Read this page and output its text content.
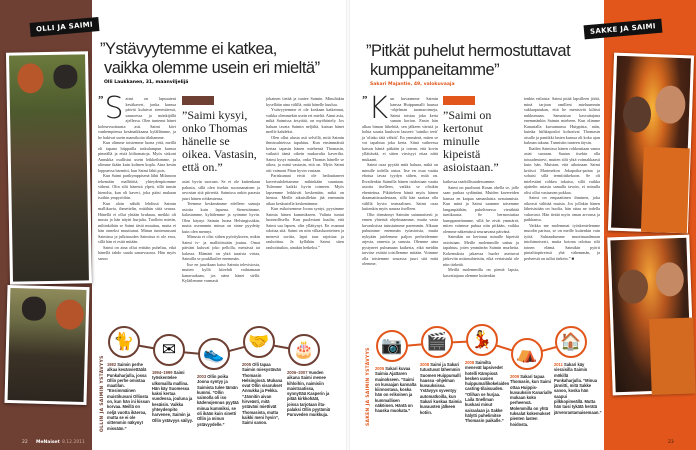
OLLI JA SAIMI
”Ystävyytemme ei katkea,
vaikka olemme usein eri mieltä”
Olli Laukkanen, 31, maanviljelijä
” S aimi on lapsuuteni kesäkaveri, jonka kanssa päivät kuluivat sienestäessä, saunoessa ja mönkijällä ajellessa. Olen tuntenut hänet kolmevuotiaasta asti. Saimi kävi vanhempiensa kesänaikkaana kylällämme, ja he hakivat usein mansikoita tilaltamme.

Kun olimme toistemme luona yötä, meillä oli tapana hiippailla taskulampun kanssa pimeällä ja etsiä kiiltomatoja. Myös siskoni Annukka osallistui usein leikkeihimme, ja olimme ikään kuin kolmen kopla. Aina kesän loppuessa harmitti, kun Saimi lähti pois.

Kun Saimi parikymppisenä lähti Milanoon tekemään mallitöitä, yhteydenpitomme väheni. Olin silti hänestä ylpeä, sillä tunsin hienolta, kun oli kaveri, joka pääsi mukaan isoihin ympyröihin.

Kun aloin nähdä lehdissä Saimin mallikuvia, ihmettelin, mitähän siitä seuraa. Hänellä ei ollut yhtään bruknaa, meikki oli musta ja hän näytti hurjalta. Tuolloin mietin, mihinköhän se Saimi tästä muuttuu, mutta ei hän onneksi muuttunut. Minun tuntemassani Saimissa ja julkisuuden Saimissa ei ole eroa, sillä hän ei esitä mitään.

Saimi on aina ollut erittäin puhelias, eikä hänellä tahdo saada sanarvuoroa. Hän myös sanoo

”Saimi kysyi, onko Thomas hänelle se oikea. Vastasin, että on.”

asiat hyvin suoraan. Se ei ole kuitenkaan pahasta, sillä olen itsekin suorasanainen ja arvostan sitä piirrettä. Saimissa onkin parasta juuri hänen rohkeutensa.

Teemme keskenämme edelleen samoja asioita kuin lapsena. Sienestämme, kalastamme, kyläilemme ja syömme hyvin. Olen käynyt Saimin luona Helsingissäkin, mutta useammin minua on sinne pyydetty kuin olen mennyt.

Minusta ei olisi siihen pyöritykseen, mikin Saimi tv- ja mallitöissään joutuu. Omat päiväni kuluvat joko pellolla, metsässä tai kalassa. Elämäni on yhtä tasaista virtaa, Saimilla se pouklkoilee enemmän.

Itse en juurikaan katso Saimia televisiosta, mutten kyllä kiirehdi vaihtamaan kanavaakaan, jos näen hänet siellä. Kyläilemme varmasti

jokainen tietää ja tuntee Saimin. Minultakin kysellään aina välillä, mitä hänelle kuuluu.

Ystävyytemme ei ole koskaan katkennut, vaikka olemmekin usein eri mieltä. Ainut asia, mikä Saimissa ärsyttää, on myöhästely. Jos haluan tavata Saimin neljältä, kutsun hänet meille kahdeksi.

Olen ollut alusta asti selvillä, mitä Saimin ihmissuhteissa tapahtuu. Kun ensimmäistä kertaa tapasin hänen miehensä Thomasin, vaikutti tämä oikein mukavalta kaverilta. Saimi kysyi minulta, onko Thomas hänelle se oikea, ja minä vastasin, että on. Myös Saimi otti vaimoni Piian hyvin vastaan.

Pariskunnat eivät ole heilauttaneet kaverisuhdettamme mihinkään suuntaan. Tulemme kaikki hyvin toimeen. Myös lapsemme leikkivät keskenään, mikä on hienoa. Meille aikuisillekin jää enemmän aikaa keskustella keskenämme.

Kun esikoisemme Joona syntyi, pyysimme Saimia hänen kummikseen. Valinta tuntui luonnollisella. Kun puolestani kuulin, että Saimi saa lapsen, olin yllättynyt. En osannut odottaa sitä. Saimi on niin vilkasluonteinen ja menevä sorttia, lapsi taas rajoittaa ja rauhoittaa. Ja kyllähän Saimi siten rauhoittuikin, ainakin hetkeksi.”

OLLIN JA SAIMIN YSTÄVYYS
🐈
1982 Saimin perhe alkaa kesänviettäälä Punkaharjulla, jossa Ollin perhe omistaa maatilan. ”Ensimmäinen muistikuvani Olliosta on, kun hän ini kissan korvaa. Meillä on neljä vuotta ikäeroa, mutta se ei ole sittemmin näkynyt missään.”
✉
1994–1999 Saimi työskentelee ulkomailla mallina. Hän käy Suomessa kaksi kertaa vuodessa, jouluna ja kesäisin. Vaikka yhteydenpito harvenee, Saimin ja Ollin ystävyys säilyy.
👟
2003 Ollin poika Joona syntyy ja Saimista tulee tämän kummi. ”Ollin vaimolla oli iso kädenojennus pyytää minua kummiksi, se oli ikään kuin sinetti Ollin ja minun ystävyydelle.”
🤝
2005 Olli tapaa Saimin miesystävän Thomasin Helsingissä. Mukana ovat Ollin sisarukset Annukka ja Pekka. ”Jännitin aivan hirveästi, mitä ystäväni miettivät Thomasista, mutta kaikki meni hyvin”, Saimi sanoo.
🎂
2006–2007 Vuoden aikana Saimi menee kihloihin, naimisiin maistraatissa, synnyttää Kasperin ja pitää kirkkohäät, joissa tarjotaan ilta-palaksi Ollin pyytämiä Puruveden muikkuja.
22 MeNaiset 8.12.2011
SAKKE JA SAIMI
”Pitkät puhelut hermostuttavat
kumppaneitamme”
Sakari Majantie, 49, valokuvaaja
” K un kuvaamme Saimin kanssa Huippumalli haussa -ohjelman tuomaroimeja, Saimi toistaa joka kerta saman korion. Ensin hän alkaa himan liikehtiä, sen jälkeen värisiä ja kohta suusta kuuluvat lauseet: 'sainiko teeti' ja 'oliako tätä vähtiä'. En ymmärrä, miten se voi tapahtua joka kerta. Siinä vaiheessa katson häntä pitkään ja totean, että kovin yllättävää, ei sitten virsisyyt ettaa niitä mukaani.

Saimi osaa pyytää mitä haluaa, mikä on minulle todella outoa. Itse en osaa vaatia ebotua tavaa tyydyn siihen, mitä on. Ihvailenkin Saimilla hänen taidostaan vaatia asioita itselleen, vaikka se olisikin ehentettua. Pikitteleen häntä myös hänen draamattisuudestaan, sillä hän saattaa olla välillä hyvin teatraalinen. Saimi osaa kuitenkin myös nauraa itselleen.

Olin törmännyt Saimiin satunnaisesti jo ennen yhteistä ohjelmaamme, mutta vasta kuvauksissa tutustuimme paremmin. Alkuun puhuimme enemmän työasioista, mutta nykyään jutelemme paljon perheidemme arjesta, onnesta ja surusta. Olemme aina pystyneet puhumaan kaikesta, eikä meidän tarvitse esittää toisillemme mitään. Voimme olla toistemme seurassa juuri sitä mitä olemme,

”Saimi on kertonut minulle kipeistä asioistaan.”

kaikessa raadollisuudessamme.

Saimi on puolisoni Rosan obella se, jolle saan purkaa sydäntäni. Muiden kavereiden kanssa en katpaa samanlaista avautumista. Kun minä ja Saimi saamme toisemme langanpäähän, puhelimessa vierähtää tuntikausia. Se hermostuttaa kumppaneitamme, sillä he eivät ymmärrä, miten voimme puhua niin pitkään, vaikka olemme näkemässä seuraavana päivänä.

Saimikin on kertonut minulle kipeistä asioistaan. Meille molemmille sattuu ja tapahtuu, joten ymmärrän Saimin murheita. Kokemuksia jakaessa huolet asettuvat järkeviin mittasuhteisiin, eikä vertaistuki ole niin tärkeää.

Meillä molemmilla on pieniä lapsia, kasvattajana olemme kuitenkin

tenkin erilaisia: Saimi pitää lapsilleen jöötä, minä tarjoan omilleni mieluummin suklaapatukan, että he menisivät kiltisti nukkumaan. Samaistun kasvattajana enemmänkin Saimin mieheen. Kun olimme Kanarialla kuvaamassa Huippista, näin, kuinka hiihkaposlot kohosivat Thomasin otsalle ja paniikki lasten kanssa oli koko ajan kulman takana. Tunnistin tunteen täysin.

Ihailen Saimissa hänen rohkeuttaan sanoa asiat suoraan. Saatan itsekin olla totuudentorvi, mutten silti yhtä voimakkaasti kuin hän. Muistan, että aikoinaan Saimi kritisoi Marimekon Jokapoika-paitaa ja sohaisi sillä termiittikekoon. Se oli mielestäni rohkea tokaisu, sillä vaikka ajattelin asiasta samalla tavoin, ei minulla olisi ollut vastaavan pokkaa.

Saimi on empaattinen ihminen, joka oikeasti välittää muista. Jos jollakin hänen läheisistään on huolia, hän ottaa ne todella vakavasti. Hän tietää myös oman arvonsa ja paikkansa.

Vaikka me molemmat työskentelemme muodin parissa, se on meille kuitenkin vain työtä. Suhtaudumme muotimaailmaan intohimoisesti, mutta kotona odottaa silti toinen elämä. Saimikin pyörii pintalitopiireissä yhä vähemmän, ja perheestä on tullut tärkein.” ■

SAKEN JA SAIMIN YSTÄVYYS
📷
2005 Sakari kuvaa Saimia Ajattaren mainokseen. ”Saimi on kuvaajan kannalta kiinnostava, koska hän on erikoinen ja kummallisen näköinen. Häntä on hauska muokata.”
🎬
2008 Saimi ja Sakari tutustuvat lähemmin Suomen Huippumalli haussa -ohjelman kuvauksissa. Ystävyys syventyy automatkoilla, kun Sakari kuskaa Saimia kuvausten jälkeen kotiin.
💃
2008 Saimilta menevät lapsivedet hotelli Kämpissä kesken uusien huippumallikokelaiden casting-tilaisuuden. ”Olihan se hurjaa. Laila Snellman kuskasi minut sairaalaan ja Sakke hälytti puhelimitse Thomasin paikalle.”
⛺
2009 Sakari tapaa Thomasin, kun Saimi ottaa Huippis-kuvauksiin Kanarialle mukaan koko perheensä. Molemmilla on yhtä tuksalat kokemukset pienten lasten hoidosta.
🏠
2011 Sakari käy vieraisilla Saimin mökillä Punkaharjulla. ”Minua jännitti, mitä Sakke sanoo, koska hän saapui pilkkopimeällä. Mutta hän taisi tykätä herätä järvenrantamaisemaan.”
23
